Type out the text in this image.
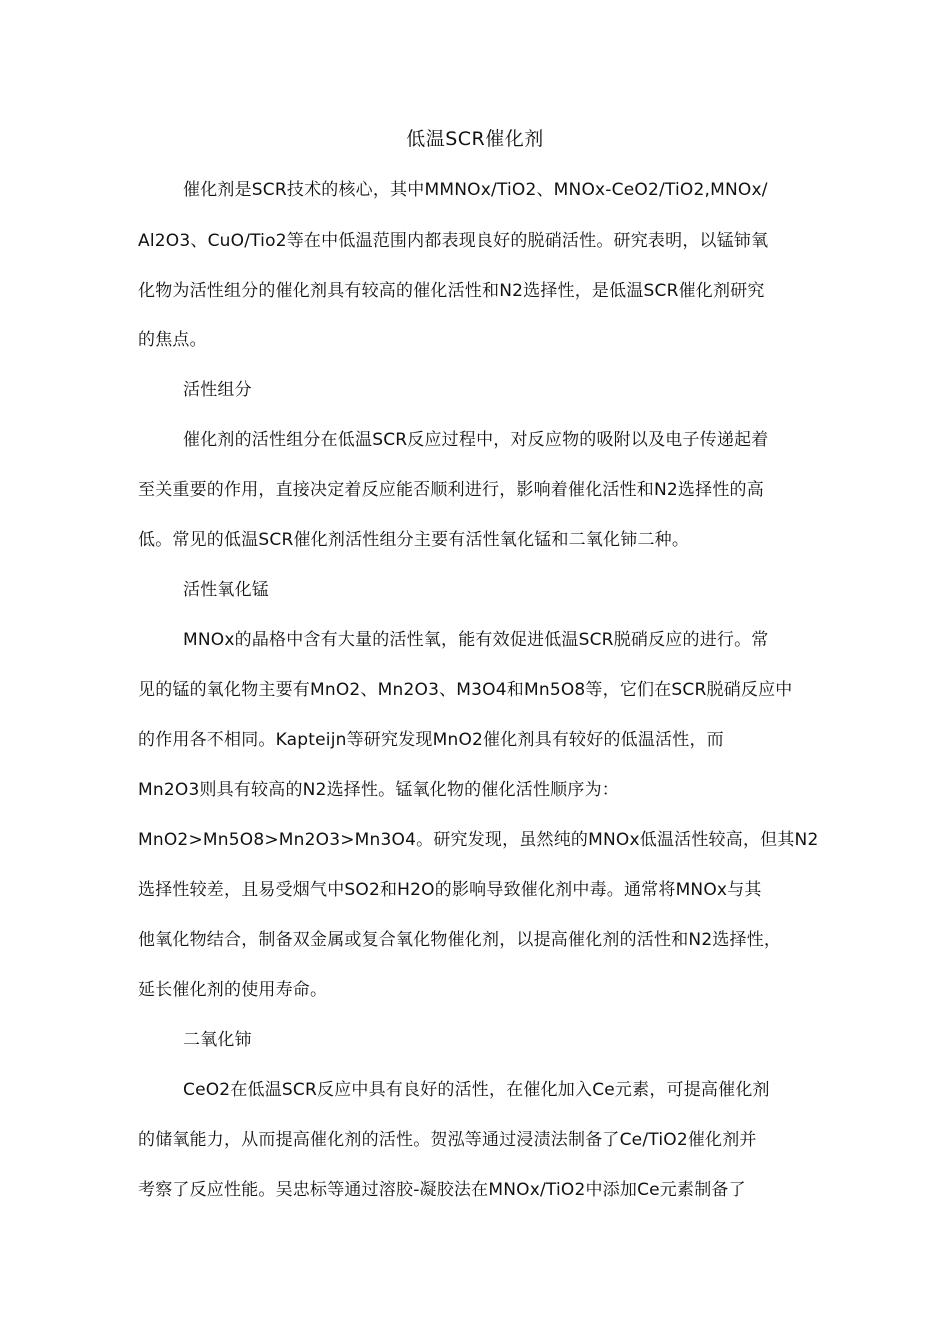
低温SCR催化剂
催化剂是SCR技术的核心，其中MMNOx/TiO2、MNOx-CeO2/TiO2,MNOx/
Al2O3、CuO/Tio2等在中低温范围内都表现良好的脱硝活性。研究表明，以锰铈氧
化物为活性组分的催化剂具有较高的催化活性和N2选择性，是低温SCR催化剂研究
的焦点。
活性组分
催化剂的活性组分在低温SCR反应过程中，对反应物的吸附以及电子传递起着
至关重要的作用，直接决定着反应能否顺利进行，影响着催化活性和N2选择性的高
低。常见的低温SCR催化剂活性组分主要有活性氧化锰和二氧化铈二种。
活性氧化锰
MNOx的晶格中含有大量的活性氧，能有效促进低温SCR脱硝反应的进行。常
见的锰的氧化物主要有MnO2、Mn2O3、M3O4和Mn5O8等，它们在SCR脱硝反应中
的作用各不相同。Kapteijn等研究发现MnO2催化剂具有较好的低温活性，而
Mn2O3则具有较高的N2选择性。锰氧化物的催化活性顺序为：
MnO2>Mn5O8>Mn2O3>Mn3O4。研究发现，虽然纯的MNOx低温活性较高，但其N2
选择性较差，且易受烟气中SO2和H2O的影响导致催化剂中毒。通常将MNOx与其
他氧化物结合，制备双金属或复合氧化物催化剂，以提高催化剂的活性和N2选择性，
延长催化剂的使用寿命。
二氧化铈
CeO2在低温SCR反应中具有良好的活性，在催化加入Ce元素，可提高催化剂
的储氧能力，从而提高催化剂的活性。贺泓等通过浸渍法制备了Ce/TiO2催化剂并
考察了反应性能。吴忠标等通过溶胶-凝胶法在MNOx/TiO2中添加Ce元素制备了
